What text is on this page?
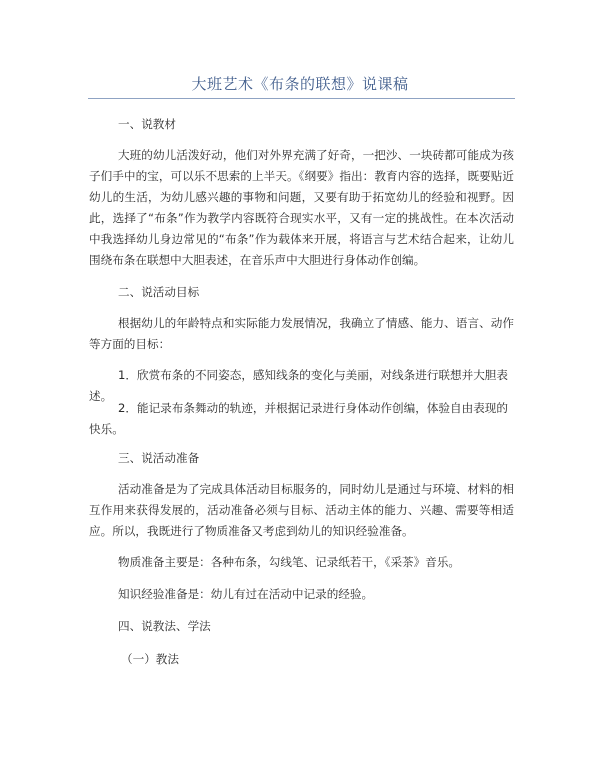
大班艺术《布条的联想》说课稿
一、说教材

大班的幼儿活泼好动，他们对外界充满了好奇，一把沙、一块砖都可能成为孩子们手中的宝，可以乐不思索的上半天。《纲要》指出：教育内容的选择，既要贴近幼儿的生活，为幼儿感兴趣的事物和问题，又要有助于拓宽幼儿的经验和视野。因此，选择了“布条”作为教学内容既符合现实水平，又有一定的挑战性。在本次活动中我选择幼儿身边常见的“布条”作为载体来开展，将语言与艺术结合起来，让幼儿围绕布条在联想中大胆表述，在音乐声中大胆进行身体动作创编。

二、说活动目标

根据幼儿的年龄特点和实际能力发展情况，我确立了情感、能力、语言、动作等方面的目标：

1．欣赏布条的不同姿态，感知线条的变化与美丽，对线条进行联想并大胆表述。

2．能记录布条舞动的轨迹，并根据记录进行身体动作创编，体验自由表现的快乐。

三、说活动准备

活动准备是为了完成具体活动目标服务的，同时幼儿是通过与环境、材料的相互作用来获得发展的，活动准备必须与目标、活动主体的能力、兴趣、需要等相适应。所以，我既进行了物质准备又考虑到幼儿的知识经验准备。

物质准备主要是：各种布条，勾线笔、记录纸若干，《采茶》音乐。
知识经验准备是：幼儿有过在活动中记录的经验。
四、说教法、学法
（一）教法
